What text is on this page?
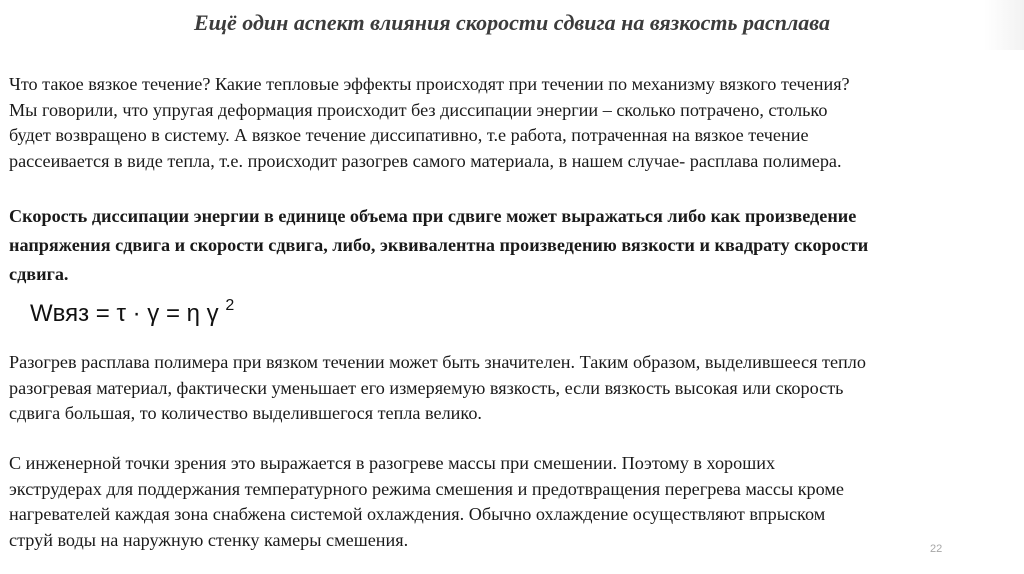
Ещё один аспект влияния скорости сдвига на вязкость расплава

Что такое вязкое течение? Какие тепловые эффекты происходят при течении по механизму вязкого течения?
Мы говорили, что упругая деформация происходит без диссипации энергии – сколько потрачено, столько
будет возвращено в систему. А вязкое течение диссипативно, т.е работа, потраченная на вязкое течение
рассеивается в виде тепла, т.е. происходит разогрев самого материала, в нашем случае- расплава полимера.

Скорость диссипации энергии в единице объема при сдвиге может выражаться либо как произведение
напряжения сдвига и скорости сдвига, либо, эквивалентна произведению вязкости и квадрату скорости
сдвига.

Wвяз = τ · γ = η γ $^2$

Разогрев расплава полимера при вязком течении может быть значителен. Таким образом, выделившееся тепло
разогревая материал, фактически уменьшает его измеряемую вязкость, если вязкость высокая или скорость
сдвига большая, то количество выделившегося тепла велико.

С инженерной точки зрения это выражается в разогреве массы при смешении. Поэтому в хороших
экструдерах для поддержания температурного режима смешения и предотвращения перегрева массы кроме
нагревателей каждая зона снабжена системой охлаждения. Обычно охлаждение осуществляют впрыском
струй воды на наружную стенку камеры смешения.	22
